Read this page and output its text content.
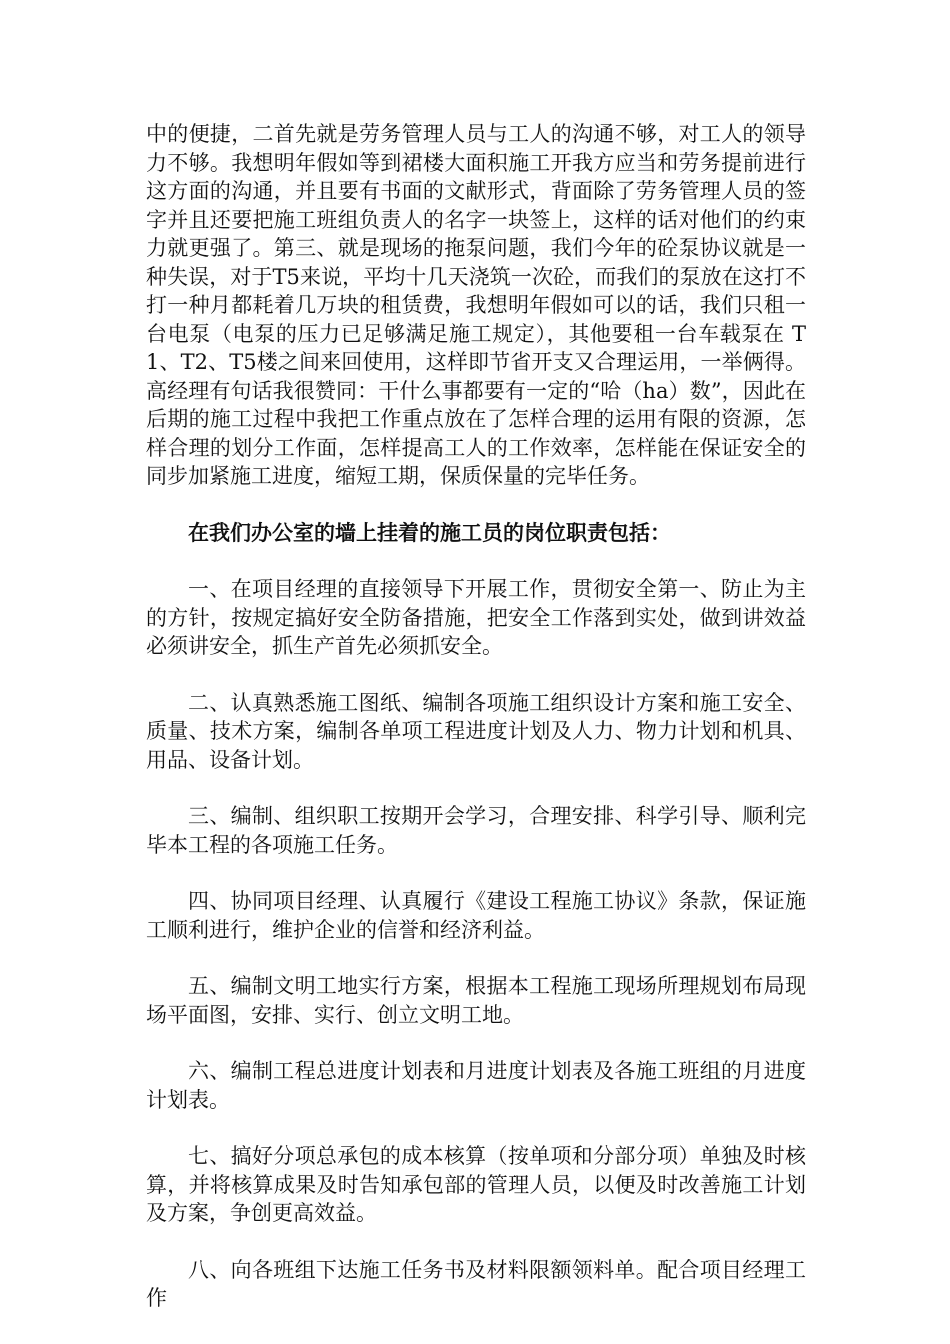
中的便捷，二首先就是劳务管理人员与工人的沟通不够，对工人的领导力不够。我想明年假如等到裙楼大面积施工开我方应当和劳务提前进行这方面的沟通，并且要有书面的文献形式，背面除了劳务管理人员的签字并且还要把施工班组负责人的名字一块签上，这样的话对他们的约束力就更强了。第三、就是现场的拖泵问题，我们今年的砼泵协议就是一种失误，对于T5来说，平均十几天浇筑一次砼，而我们的泵放在这打不打一种月都耗着几万块的租赁费，我想明年假如可以的话，我们只租一台电泵（电泵的压力已足够满足施工规定），其他要租一台车载泵在 T1、T2、T5楼之间来回使用，这样即节省开支又合理运用，一举俩得。高经理有句话我很赞同：干什么事都要有一定的“哈（ha）数”，因此在后期的施工过程中我把工作重点放在了怎样合理的运用有限的资源，怎样合理的划分工作面，怎样提高工人的工作效率，怎样能在保证安全的同步加紧施工进度，缩短工期，保质保量的完毕任务。

在我们办公室的墙上挂着的施工员的岗位职责包括：

一、在项目经理的直接领导下开展工作，贯彻安全第一、防止为主的方针，按规定搞好安全防备措施，把安全工作落到实处，做到讲效益必须讲安全，抓生产首先必须抓安全。

二、认真熟悉施工图纸、编制各项施工组织设计方案和施工安全、质量、技术方案，编制各单项工程进度计划及人力、物力计划和机具、用品、设备计划。

三、编制、组织职工按期开会学习，合理安排、科学引导、顺利完毕本工程的各项施工任务。

四、协同项目经理、认真履行《建设工程施工协议》条款，保证施工顺利进行，维护企业的信誉和经济利益。

五、编制文明工地实行方案，根据本工程施工现场所理规划布局现场平面图，安排、实行、创立文明工地。

六、编制工程总进度计划表和月进度计划表及各施工班组的月进度计划表。

七、搞好分项总承包的成本核算（按单项和分部分项）单独及时核算，并将核算成果及时告知承包部的管理人员，以便及时改善施工计划及方案，争创更高效益。

八、向各班组下达施工任务书及材料限额领料单。配合项目经理工作
